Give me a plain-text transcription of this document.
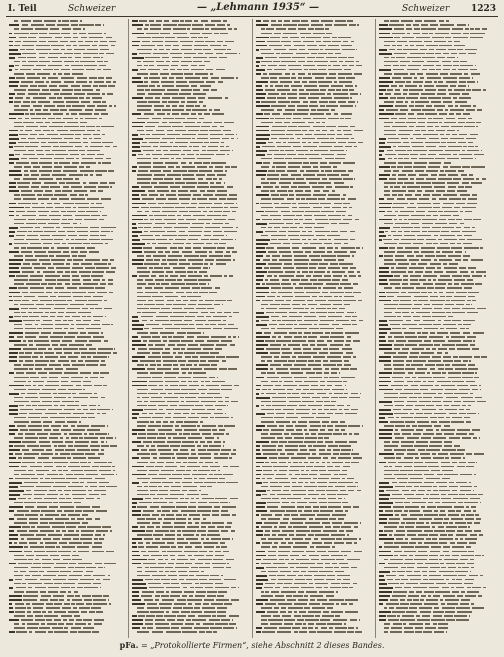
I. Teil	Schweizer	— „Lehmann 1935“ —	Schweizer 1223
pFa. = „Protokollierte Firmen“, siehe Abschnitt 2 dieses Bandes.
